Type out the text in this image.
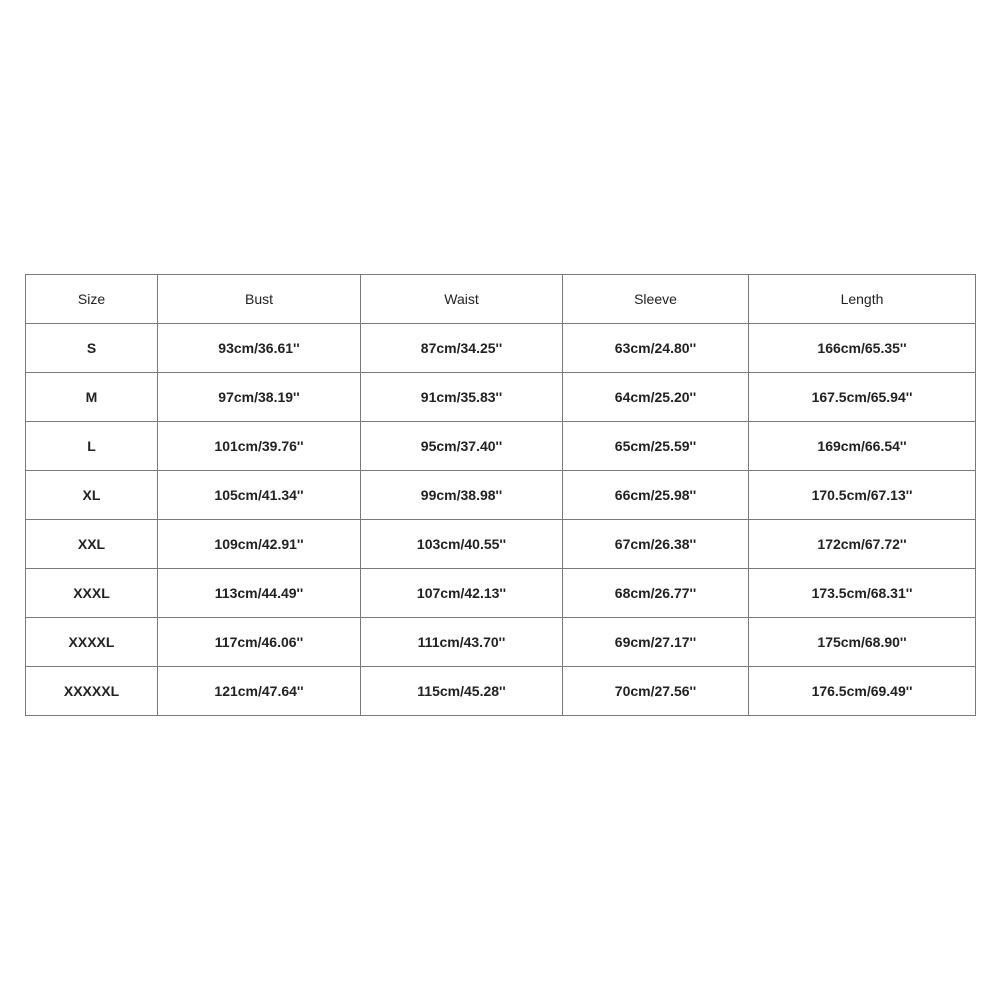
Size	Bust	Waist	Sleeve	Length
S	93cm/36.61''	87cm/34.25''	63cm/24.80''	166cm/65.35''
M	97cm/38.19''	91cm/35.83''	64cm/25.20''	167.5cm/65.94''
L	101cm/39.76''	95cm/37.40''	65cm/25.59''	169cm/66.54''
XL	105cm/41.34''	99cm/38.98''	66cm/25.98''	170.5cm/67.13''
XXL	109cm/42.91''	103cm/40.55''	67cm/26.38''	172cm/67.72''
XXXL	113cm/44.49''	107cm/42.13''	68cm/26.77''	173.5cm/68.31''
XXXXL	117cm/46.06''	111cm/43.70''	69cm/27.17''	175cm/68.90''
XXXXXL	121cm/47.64''	115cm/45.28''	70cm/27.56''	176.5cm/69.49''
